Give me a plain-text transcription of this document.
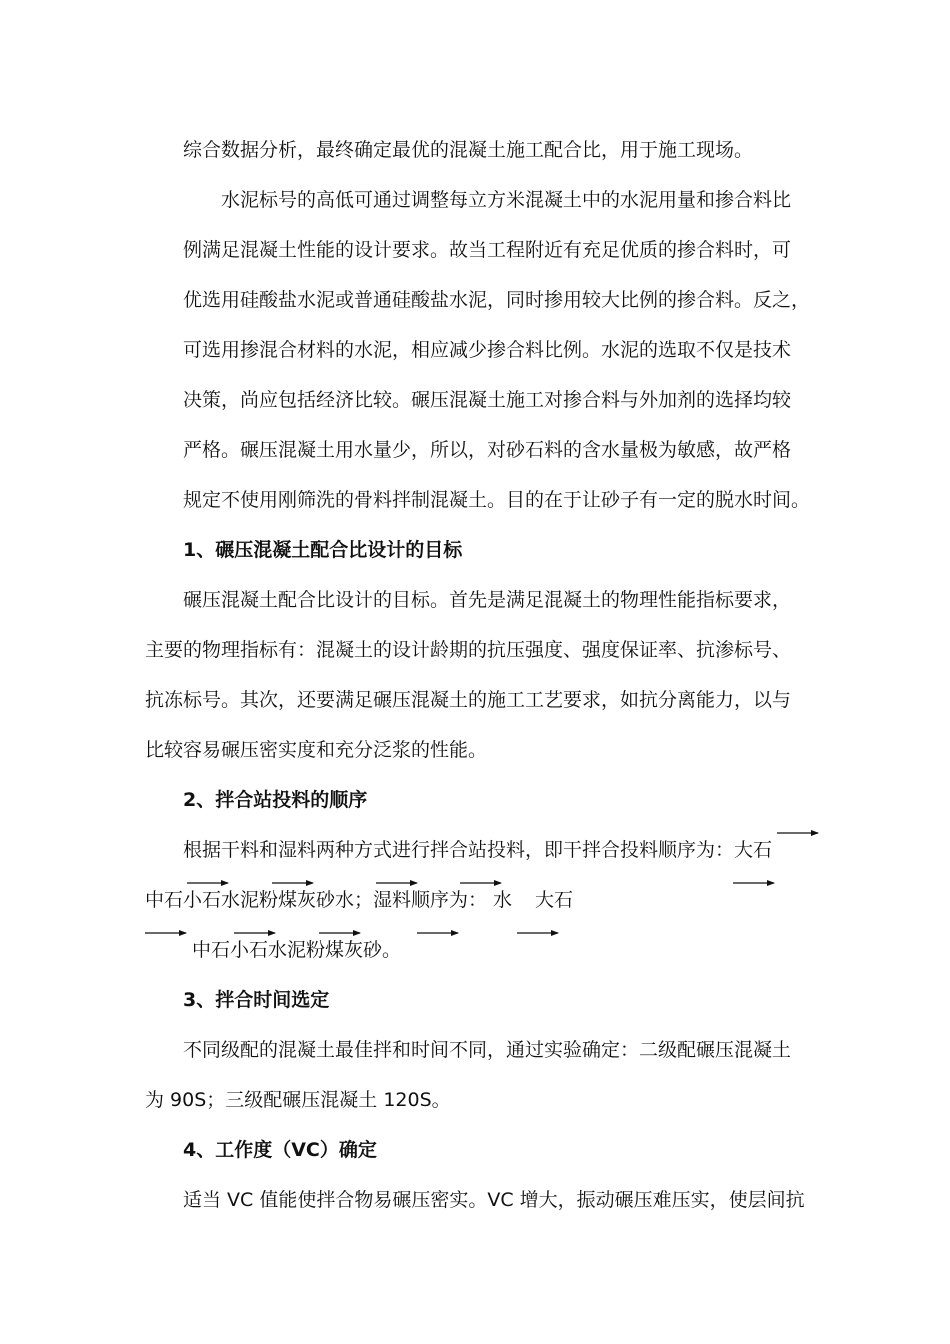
综合数据分析，最终确定最优的混凝土施工配合比，用于施工现场。
水泥标号的高低可通过调整每立方米混凝土中的水泥用量和掺合料比
例满足混凝土性能的设计要求。故当工程附近有充足优质的掺合料时，可
优选用硅酸盐水泥或普通硅酸盐水泥，同时掺用较大比例的掺合料。反之，
可选用掺混合材料的水泥，相应减少掺合料比例。水泥的选取不仅是技术
决策，尚应包括经济比较。碾压混凝土施工对掺合料与外加剂的选择均较
严格。碾压混凝土用水量少，所以，对砂石料的含水量极为敏感，故严格
规定不使用刚筛洗的骨料拌制混凝土。目的在于让砂子有一定的脱水时间。
1、碾压混凝土配合比设计的目标
碾压混凝土配合比设计的目标。首先是满足混凝土的物理性能指标要求，
主要的物理指标有：混凝土的设计龄期的抗压强度、强度保证率、抗渗标号、
抗冻标号。其次，还要满足碾压混凝土的施工工艺要求，如抗分离能力，以与
比较容易碾压密实度和充分泛浆的性能。
2、拌合站投料的顺序
根据干料和湿料两种方式进行拌合站投料，即干拌合投料顺序为：大石
中石小石水泥粉煤灰砂水；湿料顺序为： 水 大石
中石小石水泥粉煤灰砂。
3、拌合时间选定
不同级配的混凝土最佳拌和时间不同，通过实验确定：二级配碾压混凝土
为 90S；三级配碾压混凝土 120S。
4、工作度（VC）确定
适当 VC 值能使拌合物易碾压密实。VC 增大，振动碾压难压实，使层间抗
